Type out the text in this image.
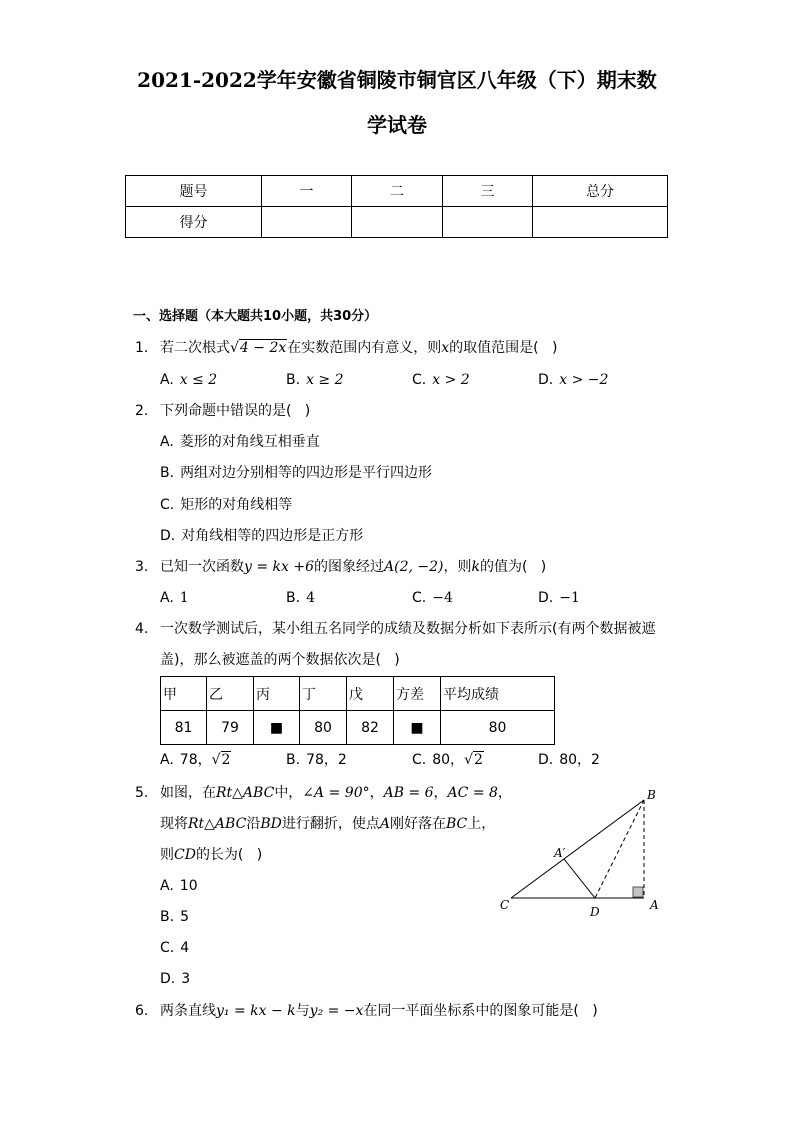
2021-2022学年安徽省铜陵市铜官区八年级（下）期末数
学试卷
题号	一	二	三	总分
得分				
一、选择题（本大题共10小题，共30分）
1. 若二次根式√4 − 2x在实数范围内有意义，则x的取值范围是(   )
A. x ≤ 2	B. x ≥ 2	C. x > 2	D. x > −2
2. 下列命题中错误的是(   )
A. 菱形的对角线互相垂直
B. 两组对边分别相等的四边形是平行四边形
C. 矩形的对角线相等
D. 对角线相等的四边形是正方形
3. 已知一次函数y = kx +6的图象经过A(2, −2)，则k的值为(   )
A. 1	B. 4	C. −4	D. −1
4. 一次数学测试后，某小组五名同学的成绩及数据分析如下表所示(有两个数据被遮
盖)，那么被遮盖的两个数据依次是(   )
甲	乙	丙	丁	戊	方差	平均成绩
81	79	■	80	82	■	80
A. 78，√2	B. 78，2	C. 80，√2	D. 80，2
5. 如图，在Rt△ABC中，∠A = 90°，AB = 6，AC = 8，
现将Rt△ABC沿BD进行翻折，使点A刚好落在BC上，
则CD的长为(   )
A. 10
B. 5
C. 4
D. 3
B
A′
C	D	A
6. 两条直线y₁ = kx − k与y₂ = −x在同一平面坐标系中的图象可能是(   )
